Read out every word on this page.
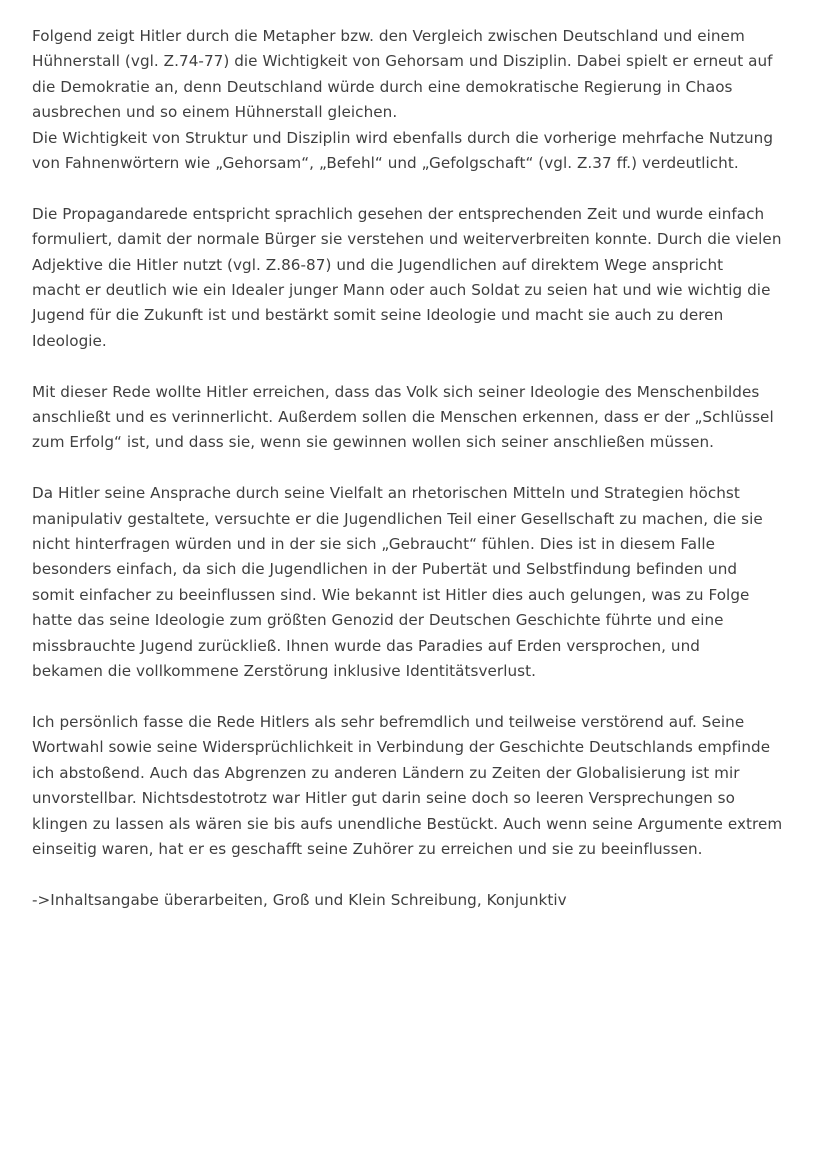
Folgend zeigt Hitler durch die Metapher bzw. den Vergleich zwischen Deutschland und einem
Hühnerstall (vgl. Z.74-77) die Wichtigkeit von Gehorsam und Disziplin. Dabei spielt er erneut auf
die Demokratie an, denn Deutschland würde durch eine demokratische Regierung in Chaos
ausbrechen und so einem Hühnerstall gleichen.
Die Wichtigkeit von Struktur und Disziplin wird ebenfalls durch die vorherige mehrfache Nutzung
von Fahnenwörtern wie „Gehorsam“, „Befehl“ und „Gefolgschaft“ (vgl. Z.37 ff.) verdeutlicht.
Die Propagandarede entspricht sprachlich gesehen der entsprechenden Zeit und wurde einfach
formuliert, damit der normale Bürger sie verstehen und weiterverbreiten konnte. Durch die vielen
Adjektive die Hitler nutzt (vgl. Z.86-87) und die Jugendlichen auf direktem Wege anspricht
macht er deutlich wie ein Idealer junger Mann oder auch Soldat zu seien hat und wie wichtig die
Jugend für die Zukunft ist und bestärkt somit seine Ideologie und macht sie auch zu deren
Ideologie.
Mit dieser Rede wollte Hitler erreichen, dass das Volk sich seiner Ideologie des Menschenbildes
anschließt und es verinnerlicht. Außerdem sollen die Menschen erkennen, dass er der „Schlüssel
zum Erfolg“ ist, und dass sie, wenn sie gewinnen wollen sich seiner anschließen müssen.
Da Hitler seine Ansprache durch seine Vielfalt an rhetorischen Mitteln und Strategien höchst
manipulativ gestaltete, versuchte er die Jugendlichen Teil einer Gesellschaft zu machen, die sie
nicht hinterfragen würden und in der sie sich „Gebraucht“ fühlen. Dies ist in diesem Falle
besonders einfach, da sich die Jugendlichen in der Pubertät und Selbstfindung befinden und
somit einfacher zu beeinflussen sind. Wie bekannt ist Hitler dies auch gelungen, was zu Folge
hatte das seine Ideologie zum größten Genozid der Deutschen Geschichte führte und eine
missbrauchte Jugend zurückließ. Ihnen wurde das Paradies auf Erden versprochen, und
bekamen die vollkommene Zerstörung inklusive Identitätsverlust.
Ich persönlich fasse die Rede Hitlers als sehr befremdlich und teilweise verstörend auf. Seine
Wortwahl sowie seine Widersprüchlichkeit in Verbindung der Geschichte Deutschlands empfinde
ich abstoßend. Auch das Abgrenzen zu anderen Ländern zu Zeiten der Globalisierung ist mir
unvorstellbar. Nichtsdestotrotz war Hitler gut darin seine doch so leeren Versprechungen so
klingen zu lassen als wären sie bis aufs unendliche Bestückt. Auch wenn seine Argumente extrem
einseitig waren, hat er es geschafft seine Zuhörer zu erreichen und sie zu beeinflussen.

->Inhaltsangabe überarbeiten, Groß und Klein Schreibung, Konjunktiv
